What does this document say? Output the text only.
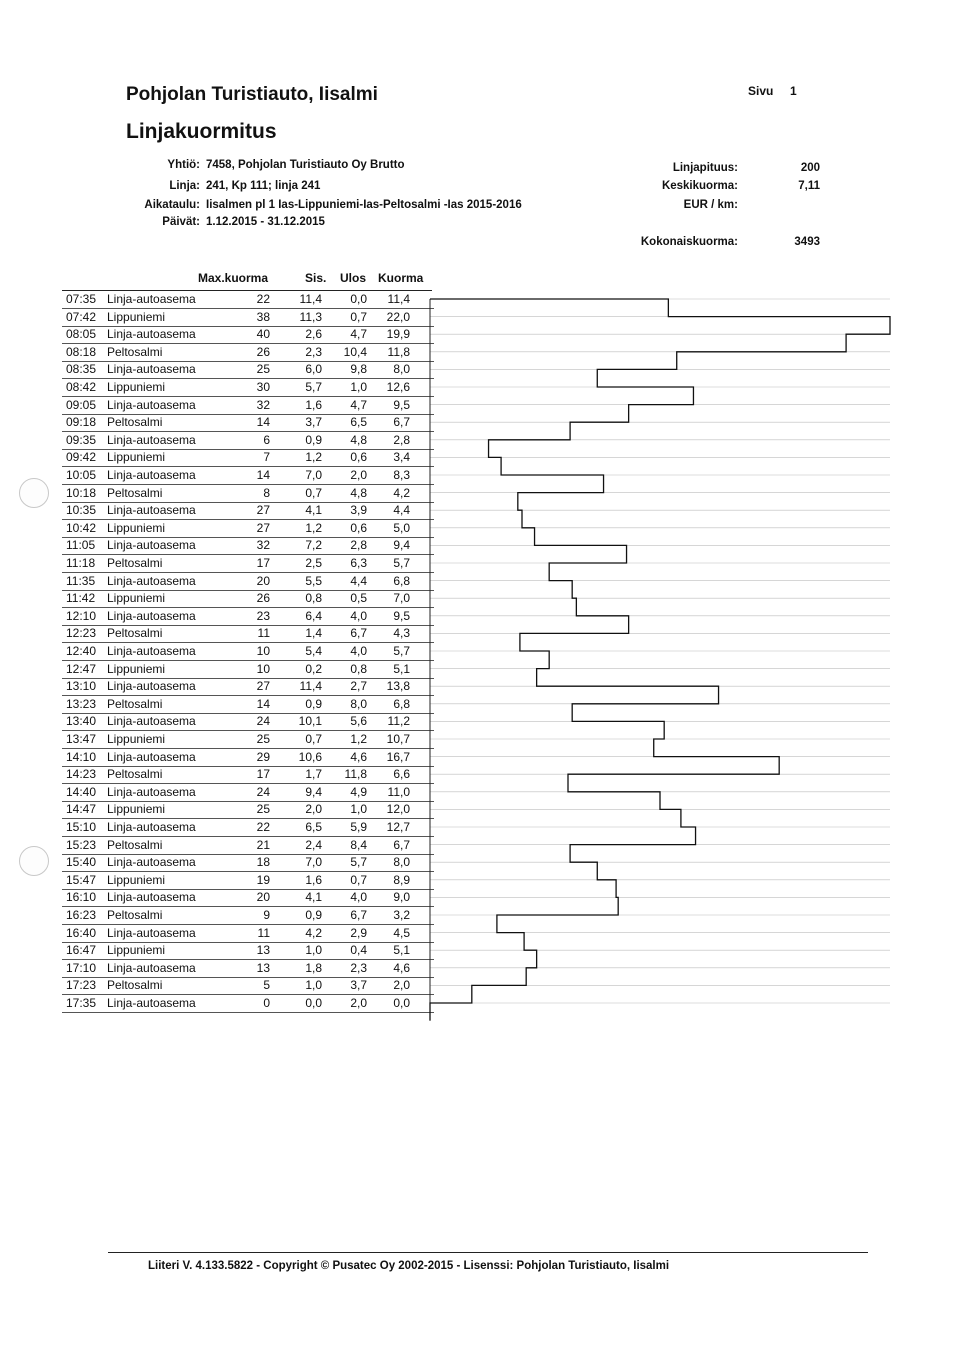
Pohjolan Turistiauto, Iisalmi
Linjakuormitus
Sivu 1
Yhtiö: 7458, Pohjolan Turistiauto Oy Brutto
Linja: 241, Kp 111; linja 241
Aikataulu: Iisalmen pl 1 Ias-Lippuniemi-Ias-Peltosalmi -Ias 2015-2016
Päivät: 1.12.2015 - 31.12.2015
Linjapituus:	200
Keskikuorma:	7,11
EUR / km:
Kokonaiskuorma:	3493
Max.kuorma	Sis. Ulos Kuorma
07:35 Linja-autoasema	22	11,4	0,0	11,4
07:42 Lippuniemi	38	11,3	0,7	22,0
08:05 Linja-autoasema	40	2,6	4,7	19,9
08:18 Peltosalmi	26	2,3	10,4	11,8
08:35 Linja-autoasema	25	6,0	9,8	8,0
08:42 Lippuniemi	30	5,7	1,0	12,6
09:05 Linja-autoasema	32	1,6	4,7	9,5
09:18 Peltosalmi	14	3,7	6,5	6,7
09:35 Linja-autoasema	6	0,9	4,8	2,8
09:42 Lippuniemi	7	1,2	0,6	3,4
10:05 Linja-autoasema	14	7,0	2,0	8,3
10:18 Peltosalmi	8	0,7	4,8	4,2
10:35 Linja-autoasema	27	4,1	3,9	4,4
10:42 Lippuniemi	27	1,2	0,6	5,0
11:05 Linja-autoasema	32	7,2	2,8	9,4
11:18 Peltosalmi	17	2,5	6,3	5,7
11:35 Linja-autoasema	20	5,5	4,4	6,8
11:42 Lippuniemi	26	0,8	0,5	7,0
12:10 Linja-autoasema	23	6,4	4,0	9,5
12:23 Peltosalmi	11	1,4	6,7	4,3
12:40 Linja-autoasema	10	5,4	4,0	5,7
12:47 Lippuniemi	10	0,2	0,8	5,1
13:10 Linja-autoasema	27	11,4	2,7	13,8
13:23 Peltosalmi	14	0,9	8,0	6,8
13:40 Linja-autoasema	24	10,1	5,6	11,2
13:47 Lippuniemi	25	0,7	1,2	10,7
14:10 Linja-autoasema	29	10,6	4,6	16,7
14:23 Peltosalmi	17	1,7	11,8	6,6
14:40 Linja-autoasema	24	9,4	4,9	11,0
14:47 Lippuniemi	25	2,0	1,0	12,0
15:10 Linja-autoasema	22	6,5	5,9	12,7
15:23 Peltosalmi	21	2,4	8,4	6,7
15:40 Linja-autoasema	18	7,0	5,7	8,0
15:47 Lippuniemi	19	1,6	0,7	8,9
16:10 Linja-autoasema	20	4,1	4,0	9,0
16:23 Peltosalmi	9	0,9	6,7	3,2
16:40 Linja-autoasema	11	4,2	2,9	4,5
16:47 Lippuniemi	13	1,0	0,4	5,1
17:10 Linja-autoasema	13	1,8	2,3	4,6
17:23 Peltosalmi	5	1,0	3,7	2,0
17:35 Linja-autoasema	0	0,0	2,0	0,0
Liiteri V. 4.133.5822 - Copyright © Pusatec Oy 2002-2015 - Lisenssi: Pohjolan Turistiauto, Iisalmi
